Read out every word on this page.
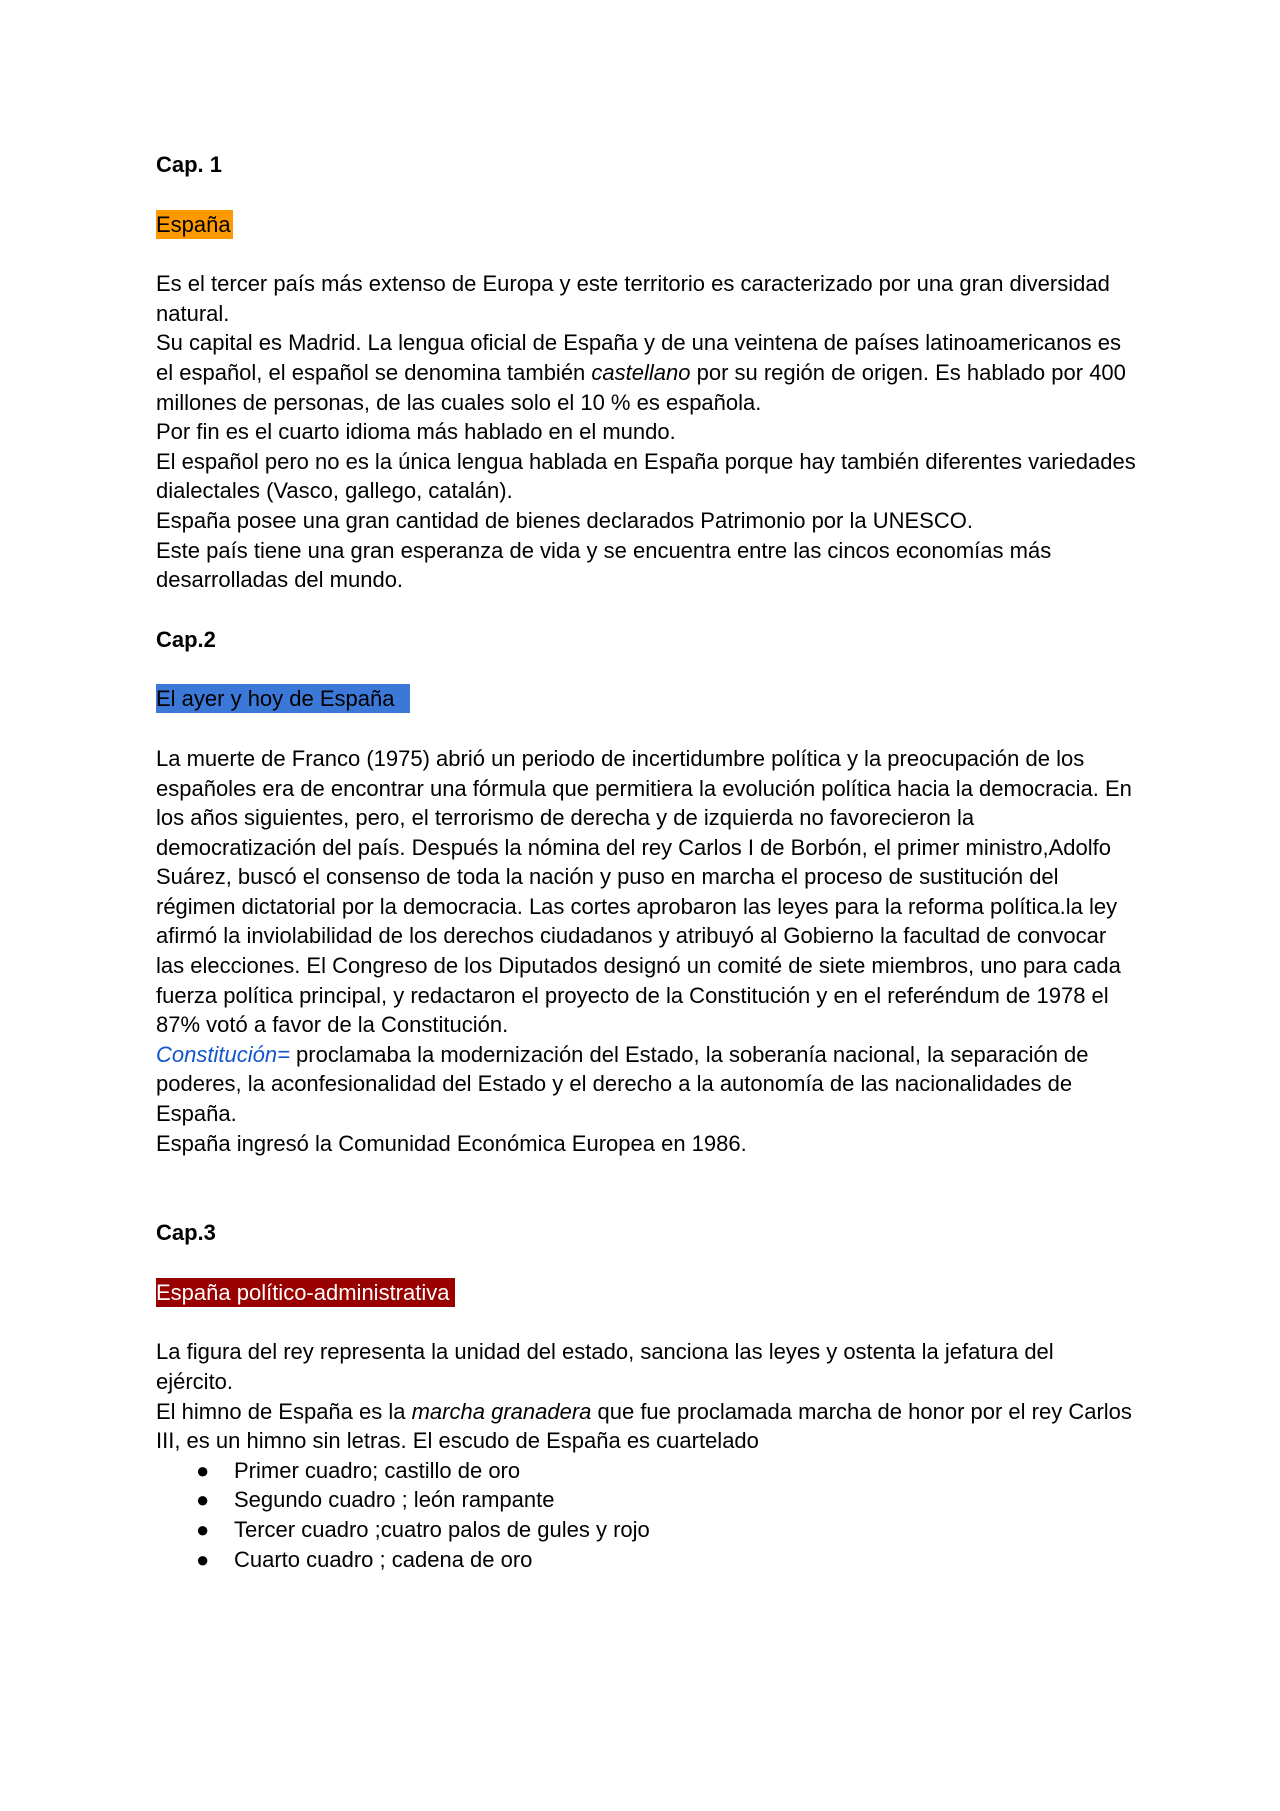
Cap. 1

España

Es el tercer país más extenso de Europa y este territorio es caracterizado por una gran diversidad natural.

Su capital es Madrid. La lengua oficial de España y de una veintena de países latinoamericanos es el español, el español se denomina también castellano por su región de origen. Es hablado por 400 millones de personas, de las cuales solo el 10 % es española.

Por fin es el cuarto idioma más hablado en el mundo.

El español pero no es la única lengua hablada en España porque hay también diferentes variedades dialectales (Vasco, gallego, catalán).

España posee una gran cantidad de bienes declarados Patrimonio por la UNESCO.

Este país tiene una gran esperanza de vida y se encuentra entre las cincos economías más desarrolladas del mundo.

Cap.2

El ayer y hoy de España

La muerte de Franco (1975) abrió un periodo de incertidumbre política y la preocupación de los españoles era de encontrar una fórmula que permitiera la evolución política hacia la democracia. En los años siguientes, pero, el terrorismo de derecha y de izquierda no favorecieron la democratización del país. Después la nómina del rey Carlos I de Borbón, el primer ministro,Adolfo Suárez, buscó el consenso de toda la nación y puso en marcha el proceso de sustitución del régimen dictatorial por la democracia. Las cortes aprobaron las leyes para la reforma política.la ley afirmó la inviolabilidad de los derechos ciudadanos y atribuyó al Gobierno la facultad de convocar las elecciones. El Congreso de los Diputados designó un comité de siete miembros, uno para cada fuerza política principal, y redactaron el proyecto de la Constitución y en el referéndum de 1978 el 87% votó a favor de la Constitución.

Constitución= proclamaba la modernización del Estado, la soberanía nacional, la separación de poderes, la aconfesionalidad del Estado y el derecho a la autonomía de las nacionalidades de España.

España ingresó la Comunidad Económica Europea en 1986.

Cap.3

España político-administrativa

La figura del rey representa la unidad del estado, sanciona las leyes y ostenta la jefatura del ejército.

El himno de España es la marcha granadera que fue proclamada marcha de honor por el rey Carlos III, es un himno sin letras. El escudo de España es cuartelado

● Primer cuadro; castillo de oro
● Segundo cuadro ; león rampante
● Tercer cuadro ;cuatro palos de gules y rojo
● Cuarto cuadro ; cadena de oro
